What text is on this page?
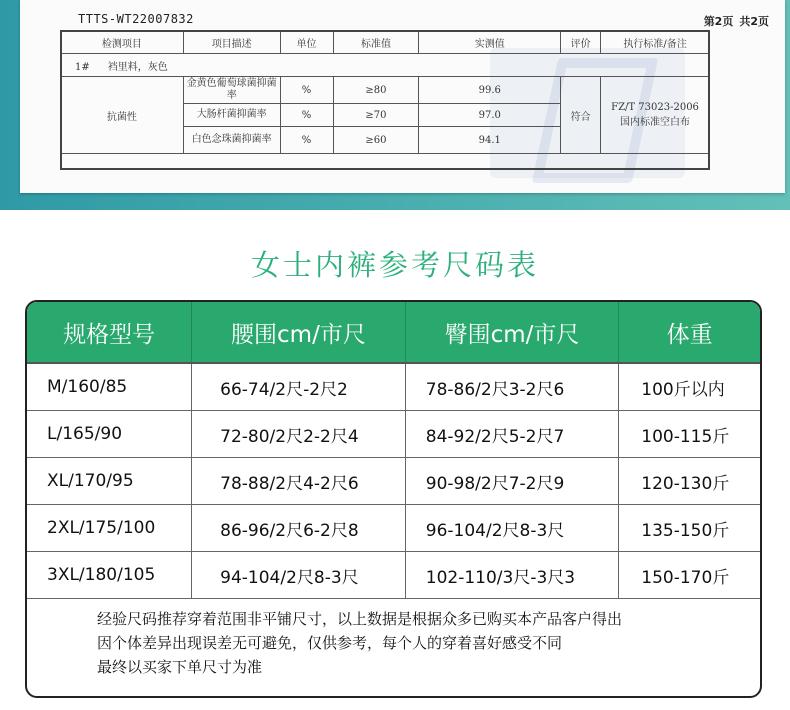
TTTS-WT22007832	第2页 共2页
检测项目	项目描述	单位	标准值	实测值	评价	执行标准/备注
1# 裆里料，灰色						
抗菌性	金黄色葡萄球菌抑菌率	%	≥80	99.6	符合	FZ/T 73023-2006
国内标准空白布

	大肠杆菌抑菌率	%	≥70	97.0		
	白色念珠菌抑菌率	%	≥60	94.1		
女士内裤参考尺码表
规格型号	腰围cm/市尺	臀围cm/市尺	体重
M/160/85	66-74/2尺-2尺2	78-86/2尺3-2尺6	100斤以内
L/165/90	72-80/2尺2-2尺4	84-92/2尺5-2尺7	100-115斤
XL/170/95	78-88/2尺4-2尺6	90-98/2尺7-2尺9	120-130斤
2XL/175/100	86-96/2尺6-2尺8	96-104/2尺8-3尺	135-150斤
3XL/180/105	94-104/2尺8-3尺	102-110/3尺-3尺3	150-170斤
经验尺码推荐穿着范围非平铺尺寸，以上数据是根据众多已购买本产品客户得出
因个体差异出现误差无可避免，仅供参考，每个人的穿着喜好感受不同
最终以买家下单尺寸为准
